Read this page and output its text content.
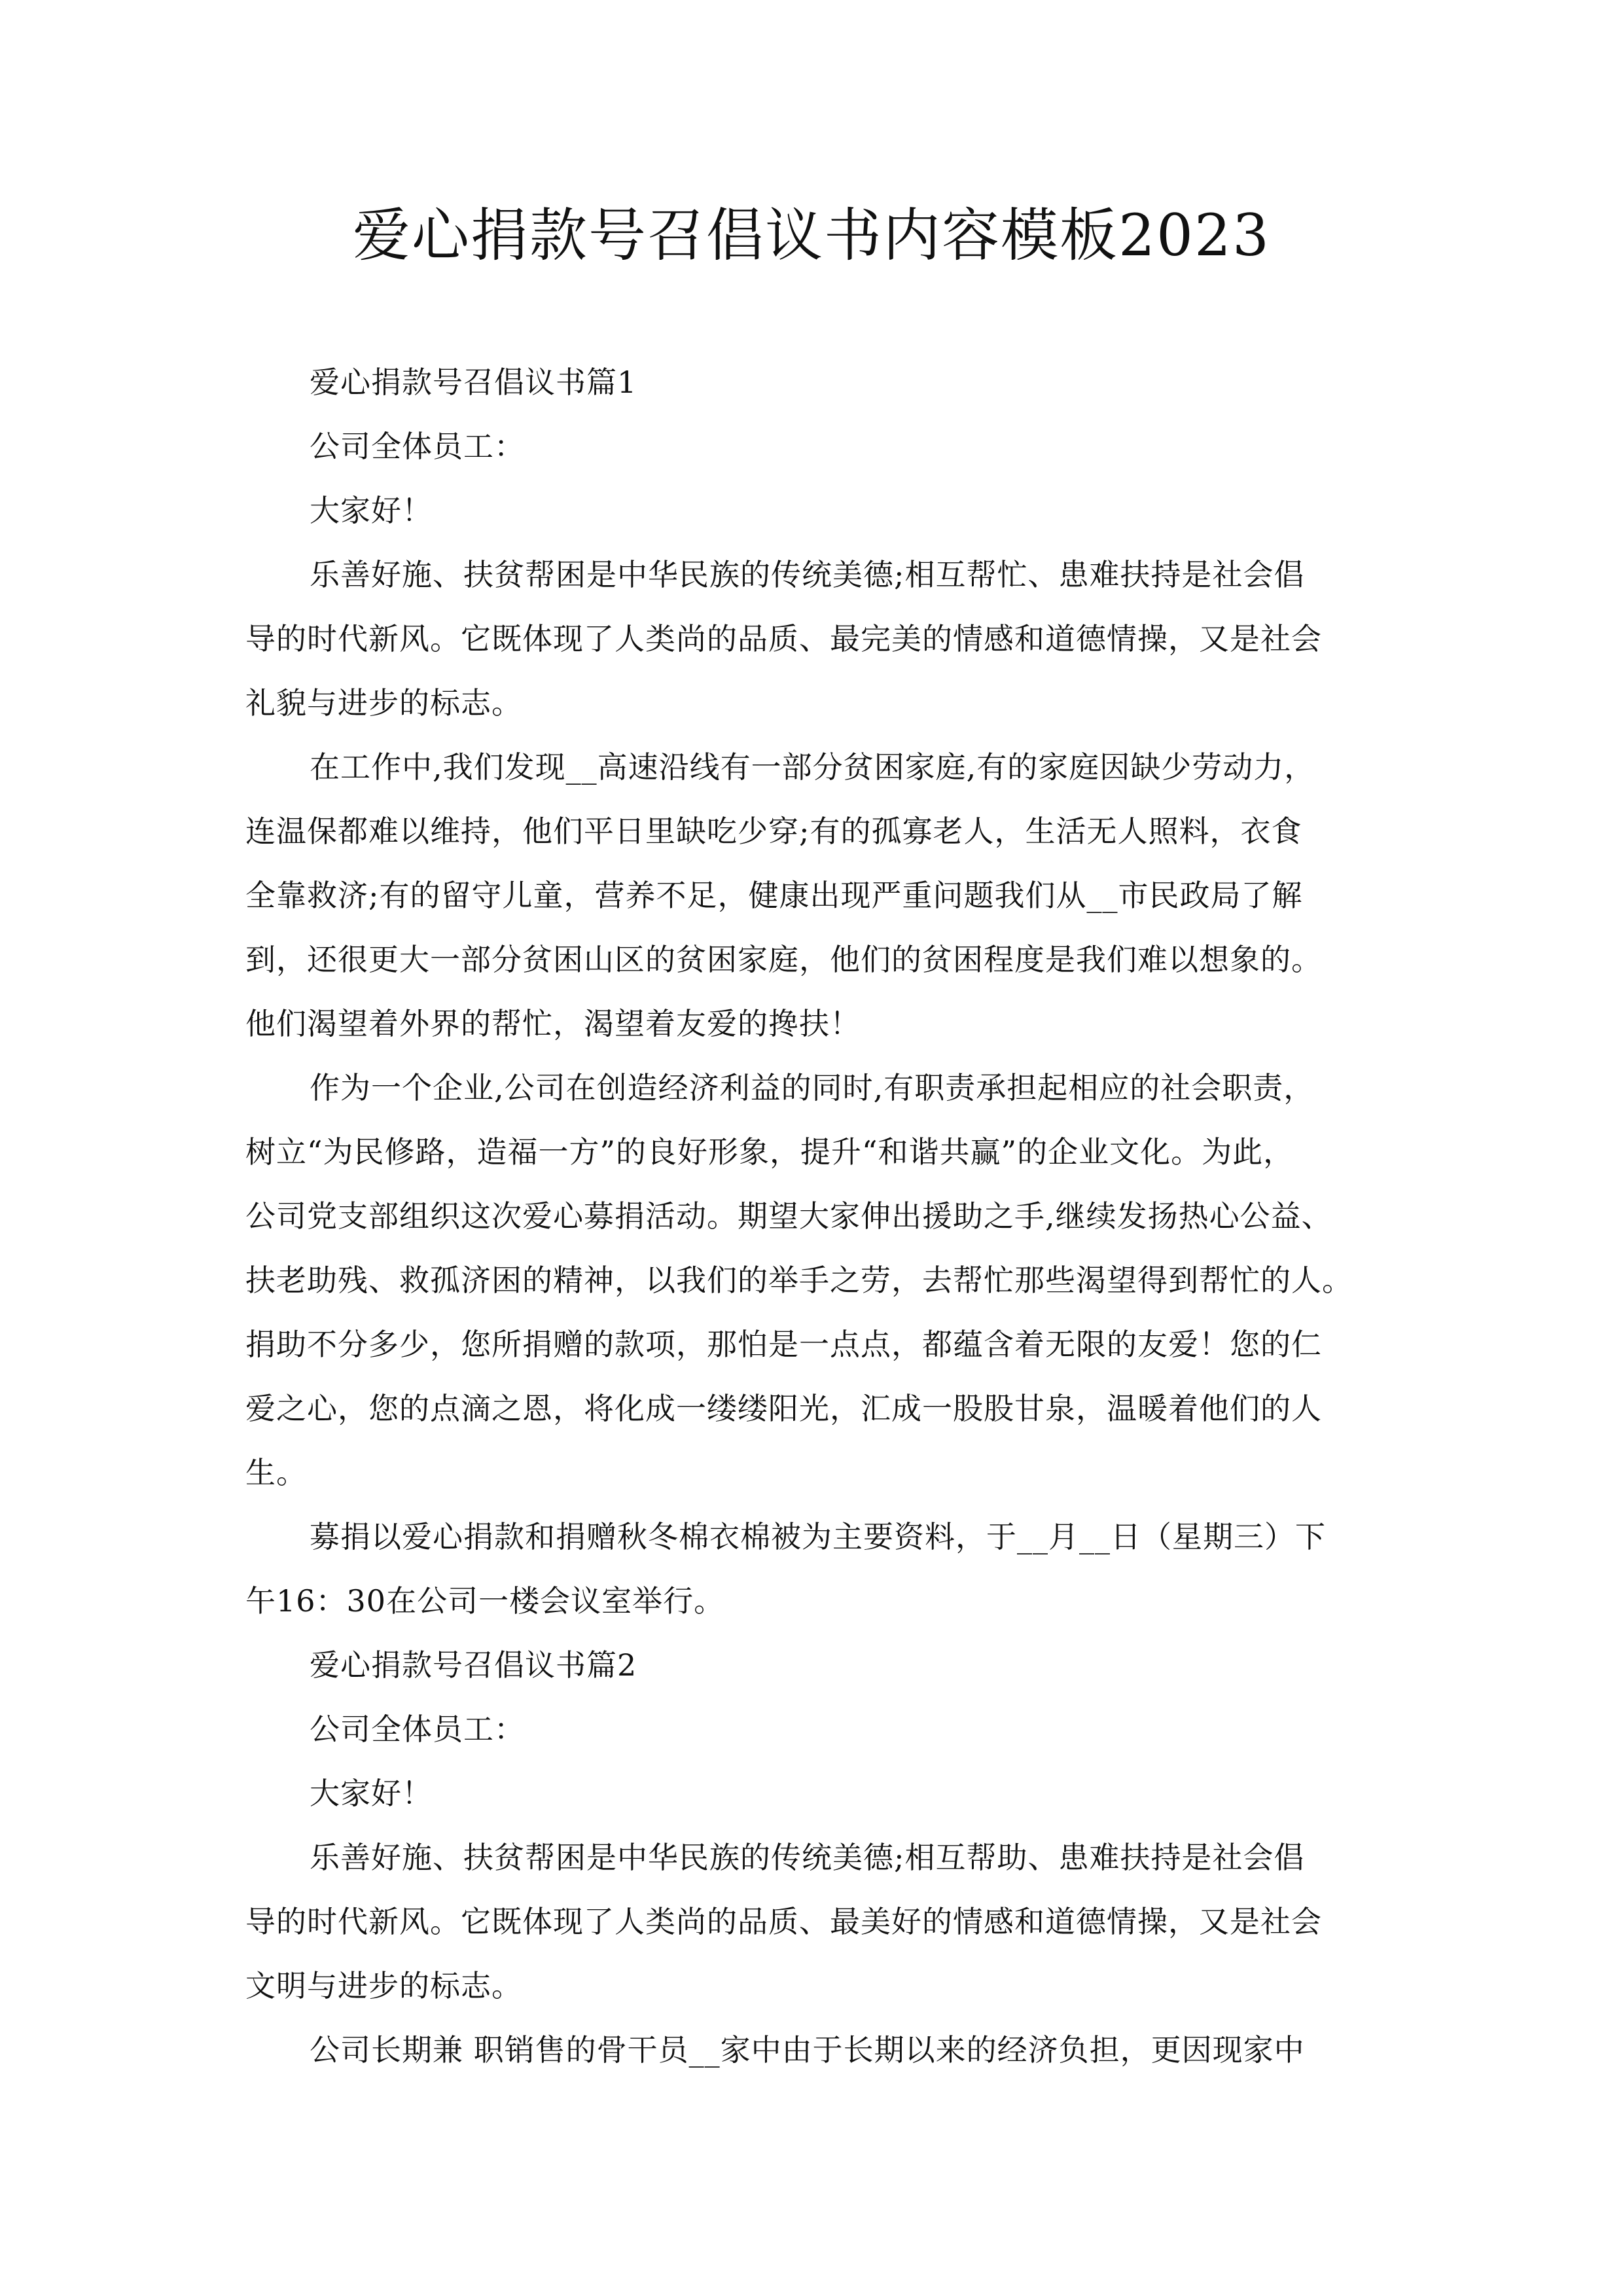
爱心捐款号召倡议书内容模板2023

爱心捐款号召倡议书篇1

公司全体员工：

大家好！

乐善好施、扶贫帮困是中华民族的传统美德;相互帮忙、患难扶持是社会倡
导的时代新风。它既体现了人类尚的品质、最完美的情感和道德情操，又是社会
礼貌与进步的标志。

在工作中,我们发现__高速沿线有一部分贫困家庭,有的家庭因缺少劳动力，
连温保都难以维持，他们平日里缺吃少穿;有的孤寡老人，生活无人照料，衣食
全靠救济;有的留守儿童，营养不足，健康出现严重问题我们从__市民政局了解
到，还很更大一部分贫困山区的贫困家庭，他们的贫困程度是我们难以想象的。
他们渴望着外界的帮忙，渴望着友爱的搀扶！

作为一个企业,公司在创造经济利益的同时,有职责承担起相应的社会职责，
树立“为民修路，造福一方”的良好形象，提升“和谐共赢”的企业文化。为此，
公司党支部组织这次爱心募捐活动。期望大家伸出援助之手,继续发扬热心公益、
扶老助残、救孤济困的精神，以我们的举手之劳，去帮忙那些渴望得到帮忙的人。
捐助不分多少，您所捐赠的款项，那怕是一点点，都蕴含着无限的友爱！您的仁
爱之心，您的点滴之恩，将化成一缕缕阳光，汇成一股股甘泉，温暖着他们的人
生。

募捐以爱心捐款和捐赠秋冬棉衣棉被为主要资料，于__月__日（星期三）下
午16：30在公司一楼会议室举行。

爱心捐款号召倡议书篇2

公司全体员工：

大家好！

乐善好施、扶贫帮困是中华民族的传统美德;相互帮助、患难扶持是社会倡
导的时代新风。它既体现了人类尚的品质、最美好的情感和道德情操，又是社会
文明与进步的标志。

公司长期兼 职销售的骨干员__家中由于长期以来的经济负担，更因现家中
